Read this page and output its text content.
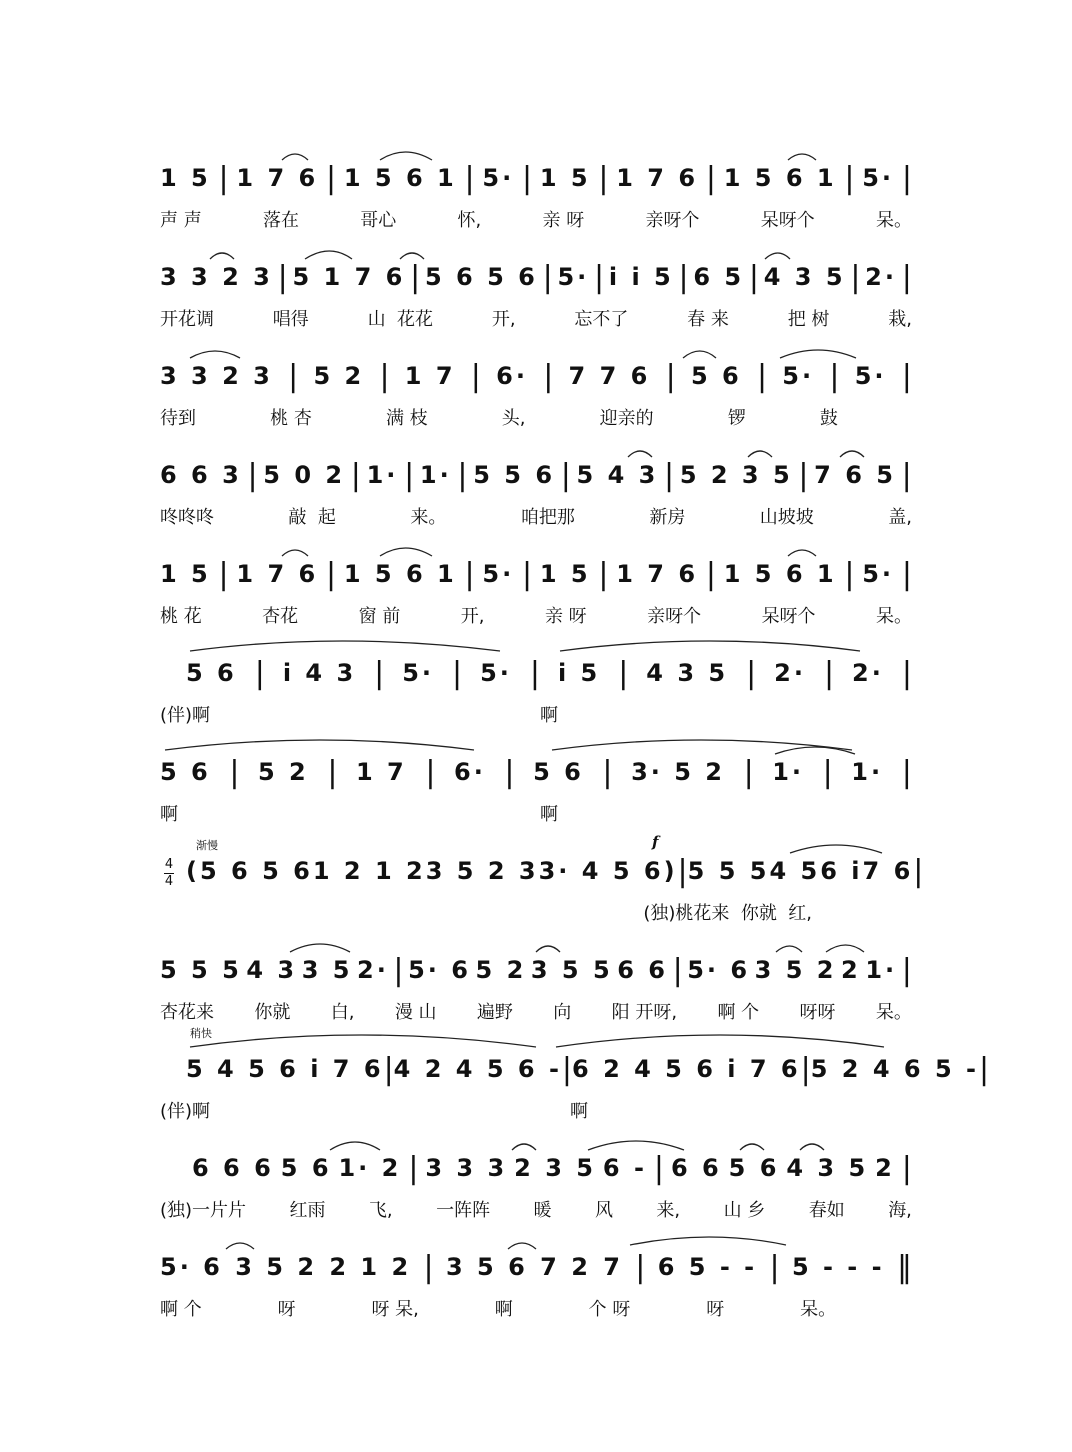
1 5 | 1 7 6 | 1 5 6 1 | 5· | 1 5 | 1 7 6 | 1 5 6 1 | 5· |
声 声	落在	哥心	怀,	亲 呀	亲呀个	呆呀个	呆。
3 3 2 3 | 5 1 7 6 | 5 6 5 6 | 5· | i i 5 | 6 5 | 4 3 5 | 2· |
开花调	唱得	山  花花	开,	忘不了	春 来	把 树	栽,
3 3 2 3 | 5 2 | 1 7 | 6· | 7 7 6 | 5 6 | 5· | 5· |
待到	桃 杏	满 枝	头,	迎亲的	锣	鼓
6 6 3 | 5 0 2 | 1· | 1· | 5 5 6 | 5 4 3 | 5 2 3 5 | 7 6 5 |
咚咚咚	敲  起	来。	咱把那	新房	山坡坡	盖,
1 5 | 1 7 6 | 1 5 6 1 | 5· | 1 5 | 1 7 6 | 1 5 6 1 | 5· |
桃 花	杏花	窗 前	开,	亲 呀	亲呀个	呆呀个	呆。
5 6 | i 4 3 | 5· | 5· | i 5 | 4 3 5 | 2· | 2· |
(伴)啊	啊
5 6 | 5 2 | 1 7 | 6· | 5 6 | 3· 5 2 | 1· | 1· |
啊	啊
渐慢
4
4
f
(5 6 5 6 1 2 1 2 3 5 2 3 3· 4 5 6) | 5 5 5 4 5 6 i 7 6 |
(独)桃花来  你就  红,
5 5 5 4 3 3 5 2· | 5· 6 5 2 3 5 5 6 6 | 5· 6 3 5 2 2 1· |
杏花来 你就 白, 漫 山 遍野 向 阳 开呀, 啊 个 呀呀 呆。
稍快
5 4 5 6 i 7 6 | 4 2 4 5 6 - | 6 2 4 5 6 i 7 6 | 5 2 4 6 5 - |
(伴)啊	啊
6 6 6 5 6 1· 2 | 3 3 3 2 3 5 6 - | 6 6 5 6 4 3 5 2 |
(独)一片片 红雨 飞, 一阵阵 暖 风 来, 山 乡 春如 海,
5· 6 3 5 2 2 1 2 | 3 5 6 7 2 7 | 6 5 - - | 5 - - - ‖
啊 个	呀	呀 呆,	啊	个 呀	呀	呆。
